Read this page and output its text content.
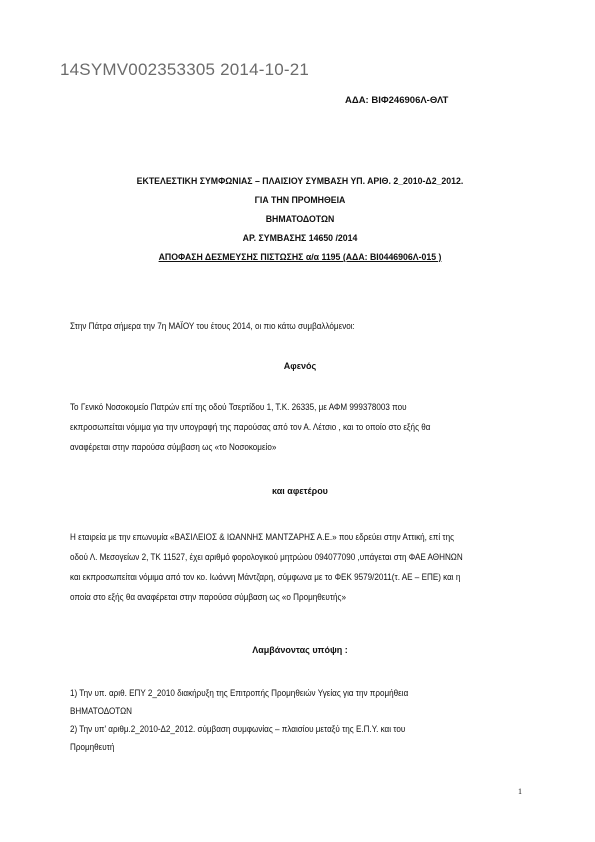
14SYMV002353305 2014-10-21
ΑΔΑ: ΒΙΦ246906Λ-ΘΛΤ
ΕΚΤΕΛΕΣΤΙΚΗ ΣΥΜΦΩΝΙΑΣ – ΠΛΑΙΣΙΟΥ ΣΥΜΒΑΣΗ ΥΠ. ΑΡΙΘ. 2_2010-Δ2_2012.
ΓΙΑ ΤΗΝ ΠΡΟΜΗΘΕΙΑ
ΒΗΜΑΤΟΔΟΤΩΝ
ΑΡ. ΣΥΜΒΑΣΗΣ 14650 /2014
ΑΠΟΦΑΣΗ ΔΕΣΜΕΥΣΗΣ ΠΙΣΤΩΣΗΣ α/α 1195 (ΑΔΑ: ΒΙ0446906Λ-015 )
Στην Πάτρα σήμερα την 7η ΜΑΪΟΥ του έτους 2014, οι πιο κάτω συμβαλλόμενοι:
Αφενός
Το Γενικό Νοσοκομείο Πατρών επί της οδού Τσερτίδου 1, Τ.Κ. 26335, με ΑΦΜ 999378003 που
εκπροσωπείται νόμιμα για την υπογραφή της παρούσας από τον Α. Λέτσιο , και το οποίο στο εξής θα
αναφέρεται στην παρούσα σύμβαση ως «το Νοσοκομείο»
και αφετέρου
Η εταιρεία με την επωνυμία «ΒΑΣΙΛΕΙΟΣ & ΙΩΑΝΝΗΣ ΜΑΝΤΖΑΡΗΣ Α.Ε.» που εδρεύει στην Αττική, επί της
οδού Λ. Μεσογείων 2, ΤΚ 11527, έχει αριθμό φορολογικού μητρώου 094077090 ,υπάγεται στη ΦΑΕ ΑΘΗΝΩΝ
και εκπροσωπείται νόμιμα από τον κο. Ιωάννη Μάντζαρη, σύμφωνα με το ΦΕΚ 9579/2011(τ. ΑΕ – ΕΠΕ) και η
οποία στο εξής θα αναφέρεται στην παρούσα σύμβαση ως «ο Προμηθευτής»
Λαμβάνοντας υπόψη :
1) Την υπ. αριθ. ΕΠΥ 2_2010 διακήρυξη της Επιτροπής Προμηθειών Υγείας για την προμήθεια
ΒΗΜΑΤΟΔΟΤΩΝ
2) Την υπ' αριθμ.2_2010-Δ2_2012. σύμβαση συμφωνίας – πλαισίου μεταξύ της Ε.Π.Υ. και του
Προμηθευτή
1
